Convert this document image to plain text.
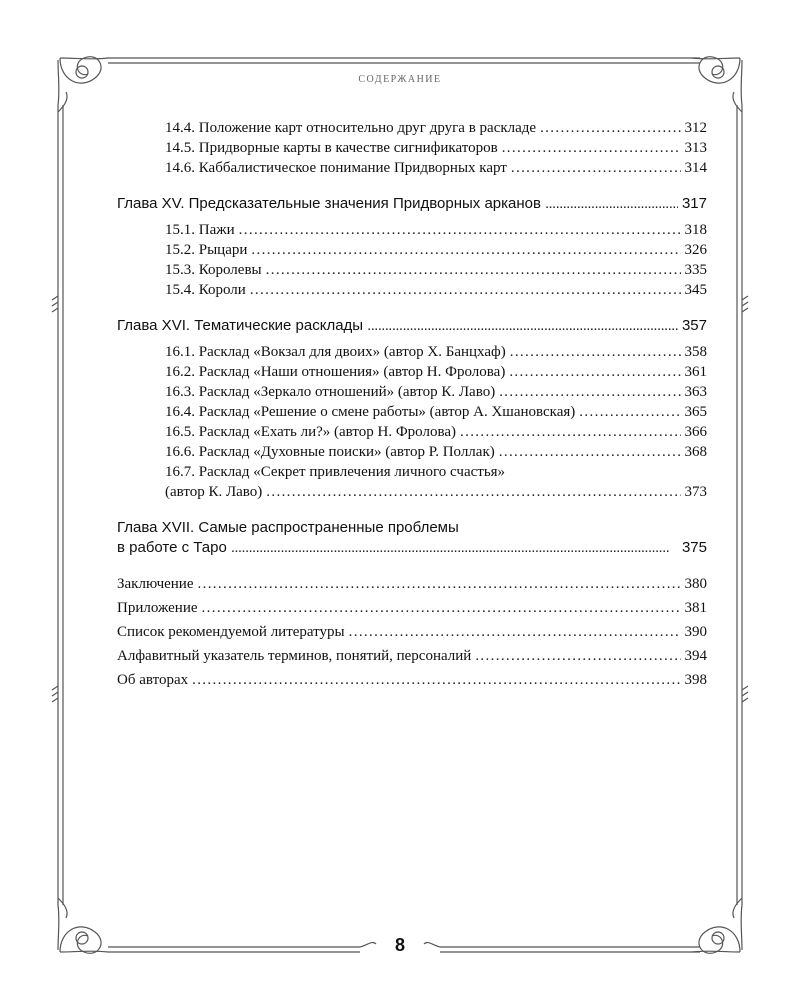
СОДЕРЖАНИЕ
14.4. Положение карт относительно друг друга в раскладе . . .	312
14.5. Придворные карты в качестве сигнификаторов . . .	313
14.6. Каббалистическое понимание Придворных карт . . .	314
Глава XV. Предсказательные значения Придворных арканов . . .	317
15.1. Пажи . . .	318
15.2. Рыцари . . .	326
15.3. Королевы . . .	335
15.4. Короли . . .	345
Глава XVI. Тематические расклады . . .	357
16.1. Расклад «Вокзал для двоих» (автор Х. Банцхаф) . . .	358
16.2. Расклад «Наши отношения» (автор Н. Фролова) . . .	361
16.3. Расклад «Зеркало отношений» (автор К. Лаво) . . .	363
16.4. Расклад «Решение о смене работы» (автор А. Хшановская) . . .	365
16.5. Расклад «Ехать ли?» (автор Н. Фролова) . . .	366
16.6. Расклад «Духовные поиски» (автор Р. Поллак) . . .	368
16.7. Расклад «Секрет привлечения личного счастья»
(автор К. Лаво) . . .	373
Глава XVII. Самые распространенные проблемы
в работе с Таро . . .	375
Заключение . . .	380
Приложение . . .	381
Список рекомендуемой литературы . . .	390
Алфавитный указатель терминов, понятий, персоналий . . .	394
Об авторах . . .	398
8
